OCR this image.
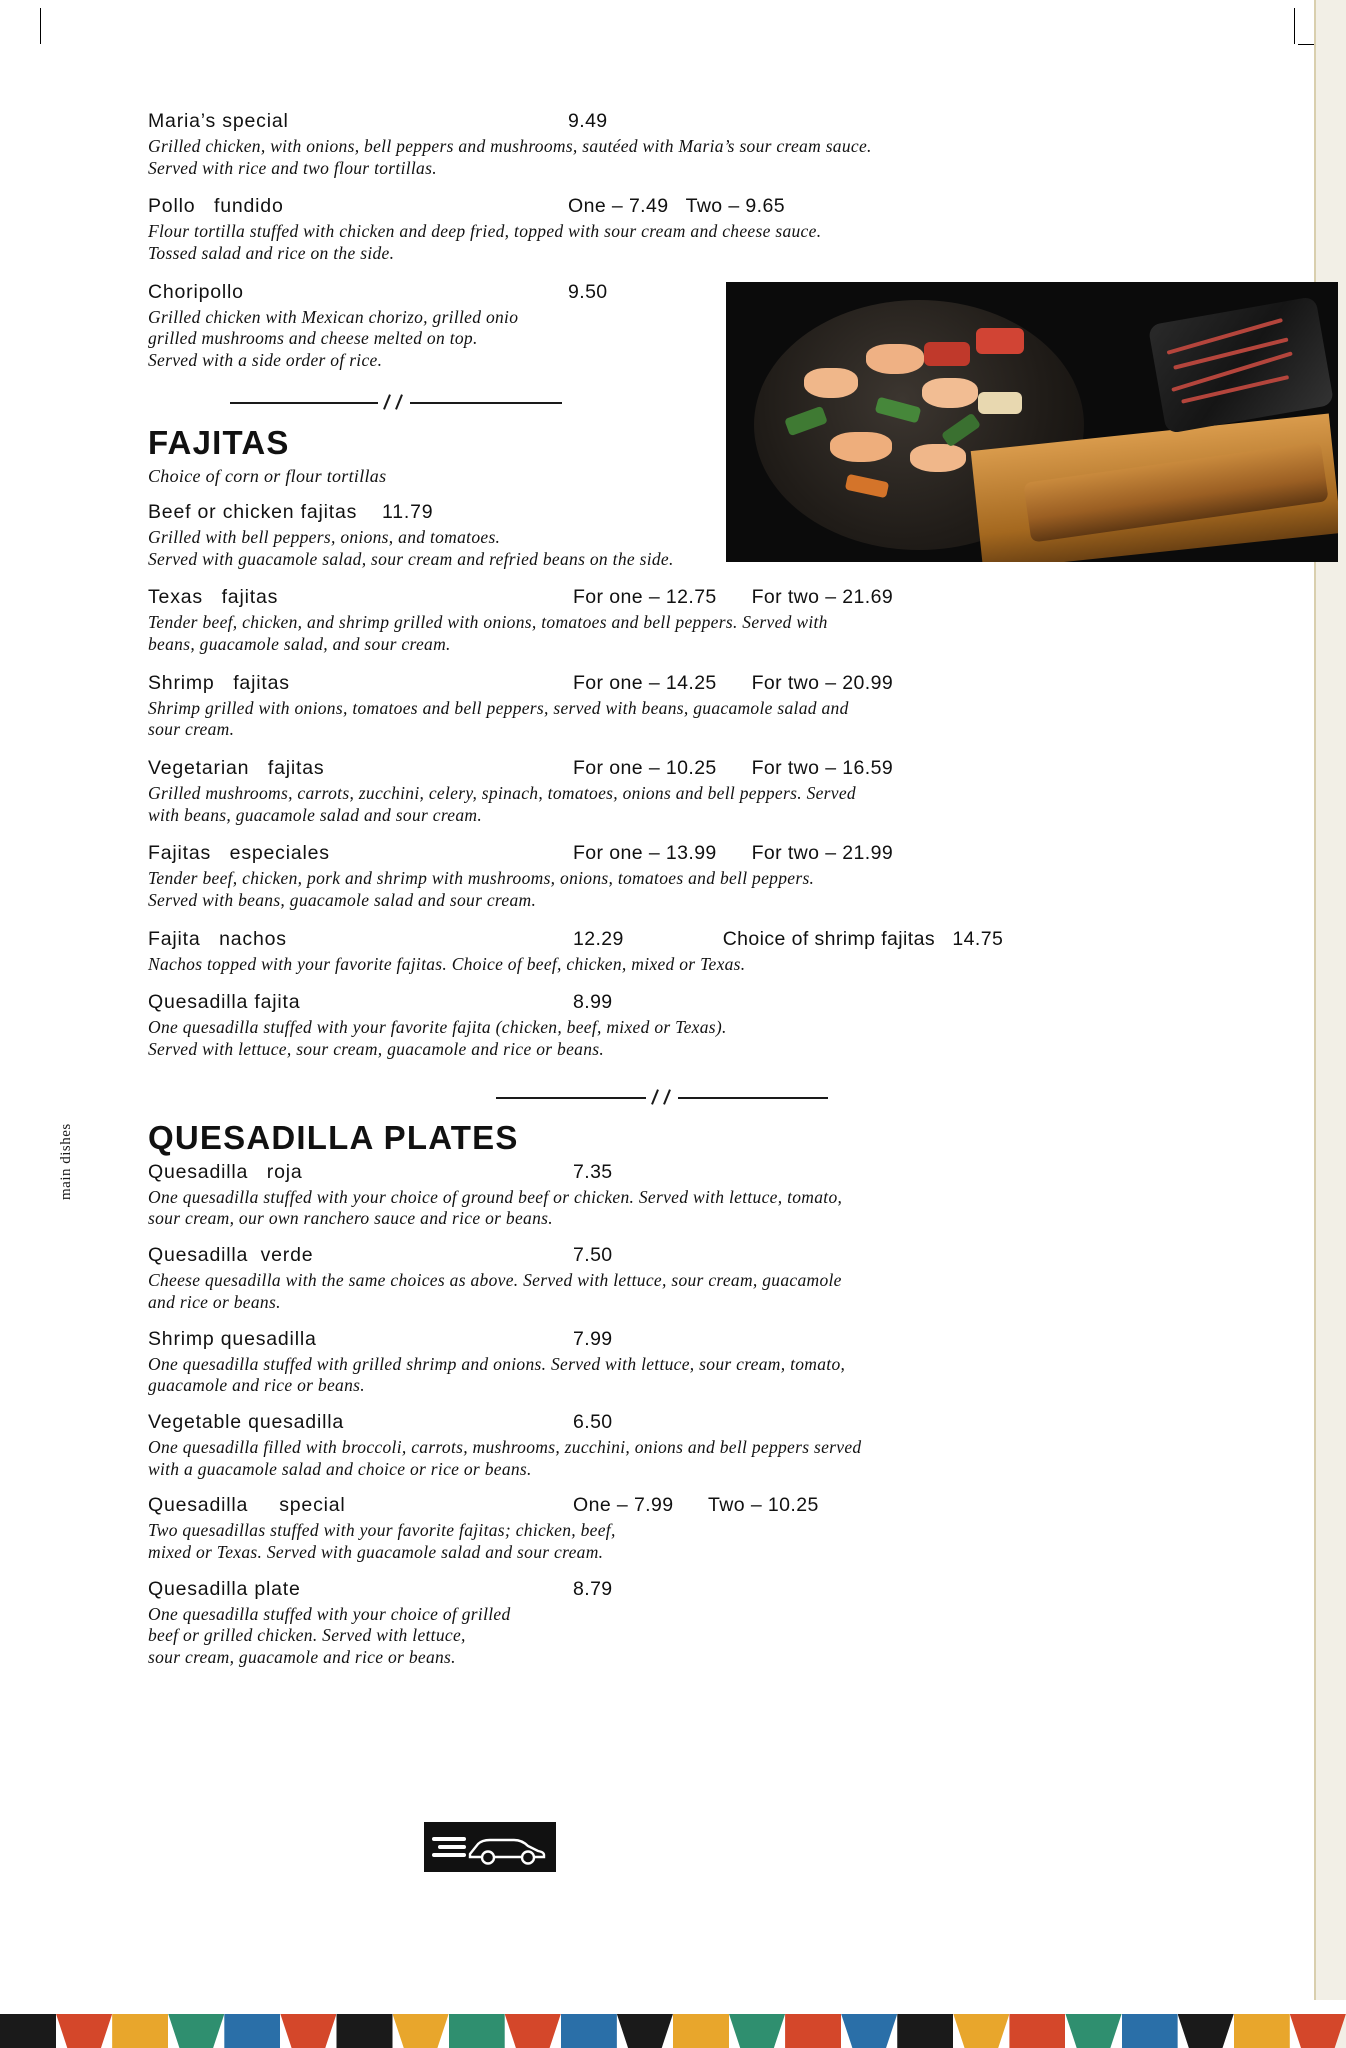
main dishes
Maria’s special	9.49
Grilled chicken, with onions, bell peppers and mushrooms, sautéed with Maria’s sour cream sauce.
Served with rice and two flour tortillas.
Pollo   fundido	One – 7.49   Two – 9.65
Flour tortilla stuffed with chicken and deep fried, topped with sour cream and cheese sauce.
Tossed salad and rice on the side.
Choripollo	9.50
Grilled chicken with Mexican chorizo, grilled onio
grilled mushrooms and cheese melted on top.
Served with a side order of rice.
FAJITAS
Choice of corn or flour tortillas
Beef or chicken fajitas    11.79
Grilled with bell peppers, onions, and tomatoes.
Served with guacamole salad, sour cream and refried beans on the side.
Texas   fajitas	For one – 12.75      For two – 21.69
Tender beef, chicken, and shrimp grilled with onions, tomatoes and bell peppers. Served with
beans, guacamole salad, and sour cream.
Shrimp   fajitas	For one – 14.25      For two – 20.99
Shrimp grilled with onions, tomatoes and bell peppers, served with beans, guacamole salad and
sour cream.
Vegetarian   fajitas	For one – 10.25      For two – 16.59
Grilled mushrooms, carrots, zucchini, celery, spinach, tomatoes, onions and bell peppers. Served
with beans, guacamole salad and sour cream.
Fajitas   especiales	For one – 13.99      For two – 21.99
Tender beef, chicken, pork and shrimp with mushrooms, onions, tomatoes and bell peppers.
Served with beans, guacamole salad and sour cream.
Fajita   nachos	12.29                 Choice of shrimp fajitas   14.75
Nachos topped with your favorite fajitas. Choice of beef, chicken, mixed or Texas.
Quesadilla fajita	8.99
One quesadilla stuffed with your favorite fajita (chicken, beef, mixed or Texas).
Served with lettuce, sour cream, guacamole and rice or beans.
QUESADILLA PLATES
Quesadilla   roja	7.35
One quesadilla stuffed with your choice of ground beef or chicken. Served with lettuce, tomato,
sour cream, our own ranchero sauce and rice or beans.
Quesadilla  verde	7.50
Cheese quesadilla with the same choices as above. Served with lettuce, sour cream, guacamole
and rice or beans.
Shrimp quesadilla	7.99
One quesadilla stuffed with grilled shrimp and onions. Served with lettuce, sour cream, tomato,
guacamole and rice or beans.
Vegetable quesadilla	6.50
One quesadilla filled with broccoli, carrots, mushrooms, zucchini, onions and bell peppers served
with a guacamole salad and choice or rice or beans.
Quesadilla     special	One – 7.99      Two – 10.25
Two quesadillas stuffed with your favorite fajitas; chicken, beef,
mixed or Texas. Served with guacamole salad and sour cream.
Quesadilla plate	8.79
One quesadilla stuffed with your choice of grilled
beef or grilled chicken. Served with lettuce,
sour cream, guacamole and rice or beans.
